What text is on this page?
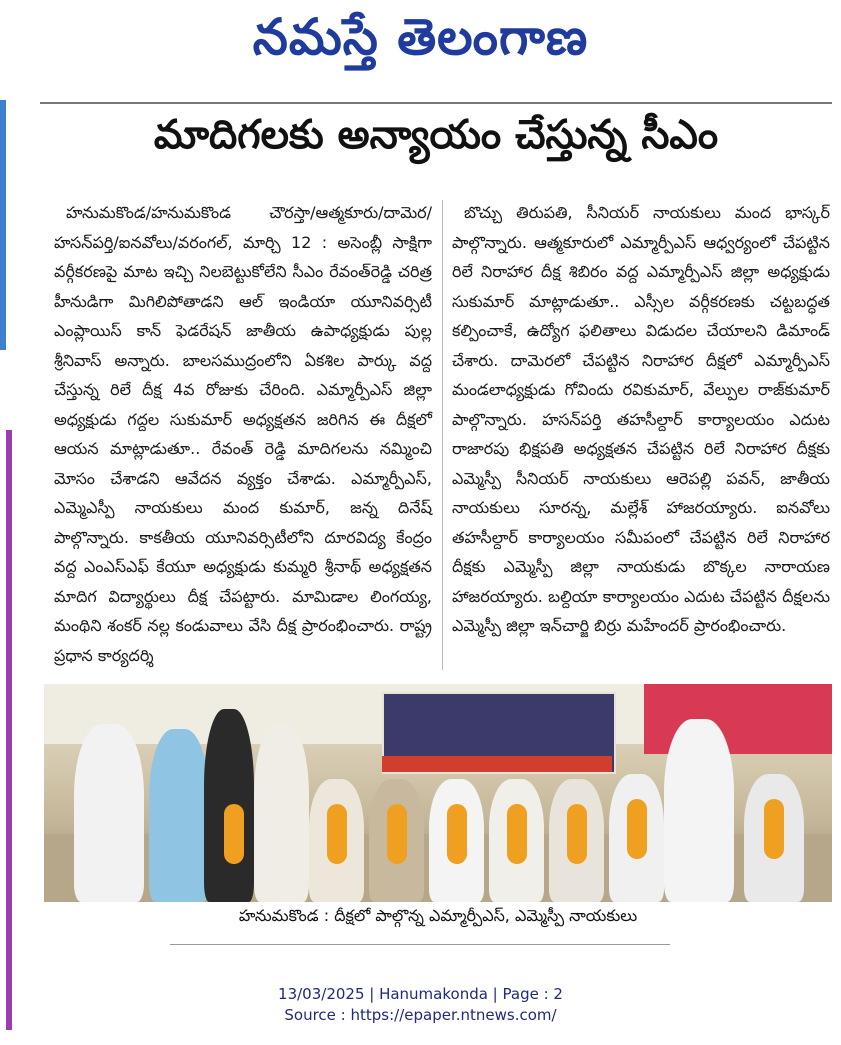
నమస్తే తెలంగాణ
మాదిగలకు అన్యాయం చేస్తున్న సీఎం

హనుమకొండ/హనుమకొండ చౌరస్తా/ఆత్మకూరు/దామెర/హసన్‌పర్తి/ఐనవోలు/వరంగల్, మార్చి 12 : అసెంబ్లీ సాక్షిగా వర్గీకరణపై మాట ఇచ్చి నిలబెట్టుకోలేని సీఎం రేవంత్‌రెడ్డి చరిత్ర హీనుడిగా మిగిలిపోతాడని ఆల్ ఇండియా యూనివర్సిటీ ఎంప్లాయిస్ కాన్ ఫెడరేషన్ జాతీయ ఉపాధ్యక్షుడు పుల్ల శ్రీనివాస్ అన్నారు. బాలసముద్రంలోని ఏకశిల పార్కు వద్ద చేస్తున్న రిలే దీక్ష 4వ రోజుకు చేరింది. ఎమ్మార్పీఎస్ జిల్లా అధ్యక్షుడు గద్దల సుకుమార్ అధ్యక్షతన జరిగిన ఈ దీక్షలో ఆయన మాట్లాడుతూ.. రేవంత్ రెడ్డి మాదిగలను నమ్మించి మోసం చేశాడని ఆవేదన వ్యక్తం చేశాడు. ఎమ్మార్పీఎస్, ఎమ్మెఎస్పీ నాయకులు మంద కుమార్, జన్న దినేష్ పాల్గొన్నారు. కాకతీయ యూనివర్సిటీలోని దూరవిద్య కేంద్రం వద్ద ఎంఎస్‌ఎఫ్ కేయూ అధ్యక్షుడు కుమ్మరి శ్రీనాథ్ అధ్యక్షతన మాదిగ విద్యార్థులు దీక్ష చేపట్టారు. మామిడాల లింగయ్య, మంథిని శంకర్ నల్ల కండువాలు వేసి దీక్ష ప్రారంభించారు. రాష్ట్ర ప్రధాన కార్యదర్శి

బొచ్చు తిరుపతి, సీనియర్ నాయకులు మంద భాస్కర్ పాల్గొన్నారు. ఆత్మకూరులో ఎమ్మార్పీఎస్ ఆధ్వర్యంలో చేపట్టిన రిలే నిరాహార దీక్ష శిబిరం వద్ద ఎమ్మార్పీఎస్ జిల్లా అధ్యక్షుడు సుకుమార్ మాట్లాడుతూ.. ఎస్సీల వర్గీకరణకు చట్టబద్ధత కల్పించాకే, ఉద్యోగ ఫలితాలు విడుదల చేయాలని డిమాండ్ చేశారు. దామెరలో చేపట్టిన నిరాహార దీక్షలో ఎమ్మార్పీఎస్ మండలాధ్యక్షుడు గోవిందు రవికుమార్, వేల్పుల రాజ్‌కుమార్ పాల్గొన్నారు. హసన్‌పర్తి తహసీల్దార్ కార్యాలయం ఎదుట రాజారపు భిక్షపతి అధ్యక్షతన చేపట్టిన రిలే నిరాహార దీక్షకు ఎమ్మెస్పీ సీనియర్ నాయకులు ఆరెపల్లి పవన్, జాతీయ నాయకులు సూరన్న, మల్లేశ్ హాజరయ్యారు. ఐనవోలు తహసీల్దార్ కార్యాలయం సమీపంలో చేపట్టిన రిలే నిరాహార దీక్షకు ఎమ్మెస్పీ జిల్లా నాయకుడు బొక్కల నారాయణ హాజరయ్యారు. బల్దియా కార్యాలయం ఎదుట చేపట్టిన దీక్షలను ఎమ్మెస్పీ జిల్లా ఇన్‌చార్జి బిర్రు మహేందర్ ప్రారంభించారు.

హనుమకొండ : దీక్షలో పాల్గొన్న ఎమ్మార్పీఎస్, ఎమ్మెస్పీ నాయకులు
13/03/2025 | Hanumakonda | Page : 2
Source : https://epaper.ntnews.com/
